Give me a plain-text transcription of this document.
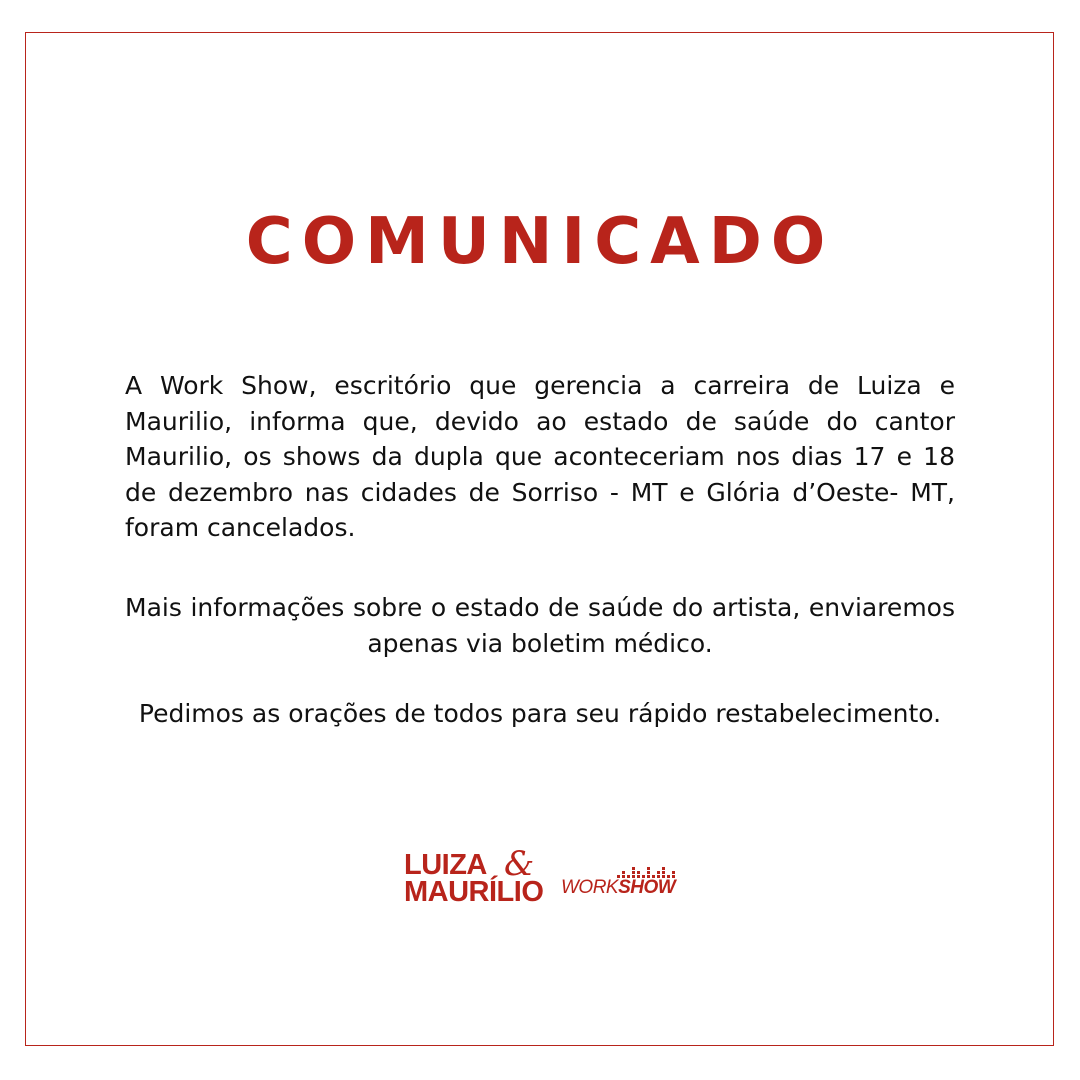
COMUNICADO

A Work Show, escritório que gerencia a carreira de Luiza e Maurilio, informa que, devido ao estado de saúde do cantor Maurilio, os shows da dupla que aconteceriam nos dias 17 e 18 de dezembro nas cidades de Sorriso - MT e Glória d’Oeste- MT, foram cancelados.

Mais informações sobre o estado de saúde do artista, enviaremos apenas via boletim médico.

Pedimos as orações de todos para seu rápido restabelecimento.

LUIZA &
MAURÍLIO WORKSHOW
